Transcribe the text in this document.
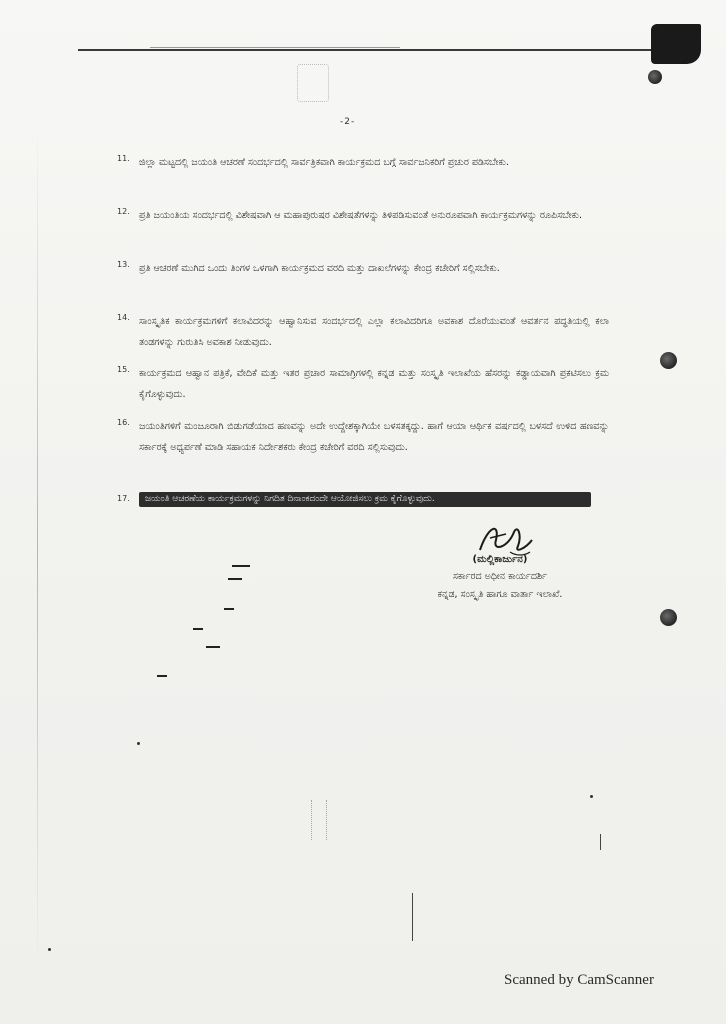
-2-
11. ಜಿಲ್ಲಾ ಮಟ್ಟದಲ್ಲಿ ಜಯಂತಿ ಆಚರಣೆ ಸಂದರ್ಭದಲ್ಲಿ ಸಾರ್ವತ್ರಿಕವಾಗಿ ಕಾರ್ಯಕ್ರಮದ ಬಗ್ಗೆ ಸಾರ್ವಜನಿಕರಿಗೆ ಪ್ರಚುರ ಪಡಿಸಬೇಕು.
12. ಪ್ರತಿ ಜಯಂತಿಯ ಸಂದರ್ಭದಲ್ಲಿ ವಿಶೇಷವಾಗಿ ಆ ಮಹಾಪುರುಷರ ವಿಶೇಷತೆಗಳನ್ನು ತಿಳಿಪಡಿಸುವಂತೆ ಅನುರೂಪವಾಗಿ ಕಾರ್ಯಕ್ರಮಗಳನ್ನು ರೂಪಿಸಬೇಕು.
13. ಪ್ರತಿ ಆಚರಣೆ ಮುಗಿದ ಒಂದು ತಿಂಗಳ ಒಳಗಾಗಿ ಕಾರ್ಯಕ್ರಮದ ವರದಿ ಮತ್ತು ದಾಖಲೆಗಳನ್ನು ಕೇಂದ್ರ ಕಚೇರಿಗೆ ಸಲ್ಲಿಸಬೇಕು.
14. ಸಾಂಸ್ಕೃತಿಕ ಕಾರ್ಯಕ್ರಮಗಳಿಗೆ ಕಲಾವಿದರನ್ನು ಆಹ್ವಾನಿಸುವ ಸಂದರ್ಭದಲ್ಲಿ ಎಲ್ಲಾ ಕಲಾವಿದರಿಗೂ ಅವಕಾಶ ದೊರೆಯುವಂತೆ ಆವರ್ತನ ಪದ್ಧತಿಯಲ್ಲಿ ಕಲಾ ತಂಡಗಳನ್ನು ಗುರುತಿಸಿ ಅವಕಾಶ ನೀಡುವುದು.
15. ಕಾರ್ಯಕ್ರಮದ ಆಹ್ವಾನ ಪತ್ರಿಕೆ, ವೇದಿಕೆ ಮತ್ತು ಇತರ ಪ್ರಚಾರ ಸಾಮಾಗ್ರಿಗಳಲ್ಲಿ ಕನ್ನಡ ಮತ್ತು ಸಂಸ್ಕೃತಿ ಇಲಾಖೆಯ ಹೆಸರನ್ನು ಕಡ್ಡಾಯವಾಗಿ ಪ್ರಕಟಿಸಲು ಕ್ರಮ ಕೈಗೊಳ್ಳುವುದು.
16. ಜಯಂತಿಗಳಿಗೆ ಮಂಜೂರಾಗಿ ಬಿಡುಗಡೆಯಾದ ಹಣವನ್ನು ಅದೇ ಉದ್ದೇಶಕ್ಕಾಗಿಯೇ ಬಳಸತಕ್ಕದ್ದು. ಹಾಗೆ ಆಯಾ ಆರ್ಥಿಕ ವರ್ಷದಲ್ಲಿ ಬಳಸದೆ ಉಳಿದ ಹಣವನ್ನು ಸರ್ಕಾರಕ್ಕೆ ಅಧ್ಯರ್ಪಣೆ ಮಾಡಿ ಸಹಾಯಕ ನಿರ್ದೇಶಕರು ಕೇಂದ್ರ ಕಚೇರಿಗೆ ವರದಿ ಸಲ್ಲಿಸುವುದು.
17.	ಜಯಂತಿ ಆಚರಣೆಯ ಕಾರ್ಯಕ್ರಮಗಳನ್ನು ನಿಗದಿತ ದಿನಾಂಕದಂದೇ ಆಯೋಜಿಸಲು ಕ್ರಮ ಕೈಗೊಳ್ಳುವುದು.
(ಮಲ್ಲಿಕಾರ್ಜುನ)
ಸರ್ಕಾರದ ಅಧೀನ ಕಾರ್ಯದರ್ಶಿ
ಕನ್ನಡ, ಸಂಸ್ಕೃತಿ ಹಾಗೂ ವಾರ್ತಾ ಇಲಾಖೆ.
Scanned by CamScanner
